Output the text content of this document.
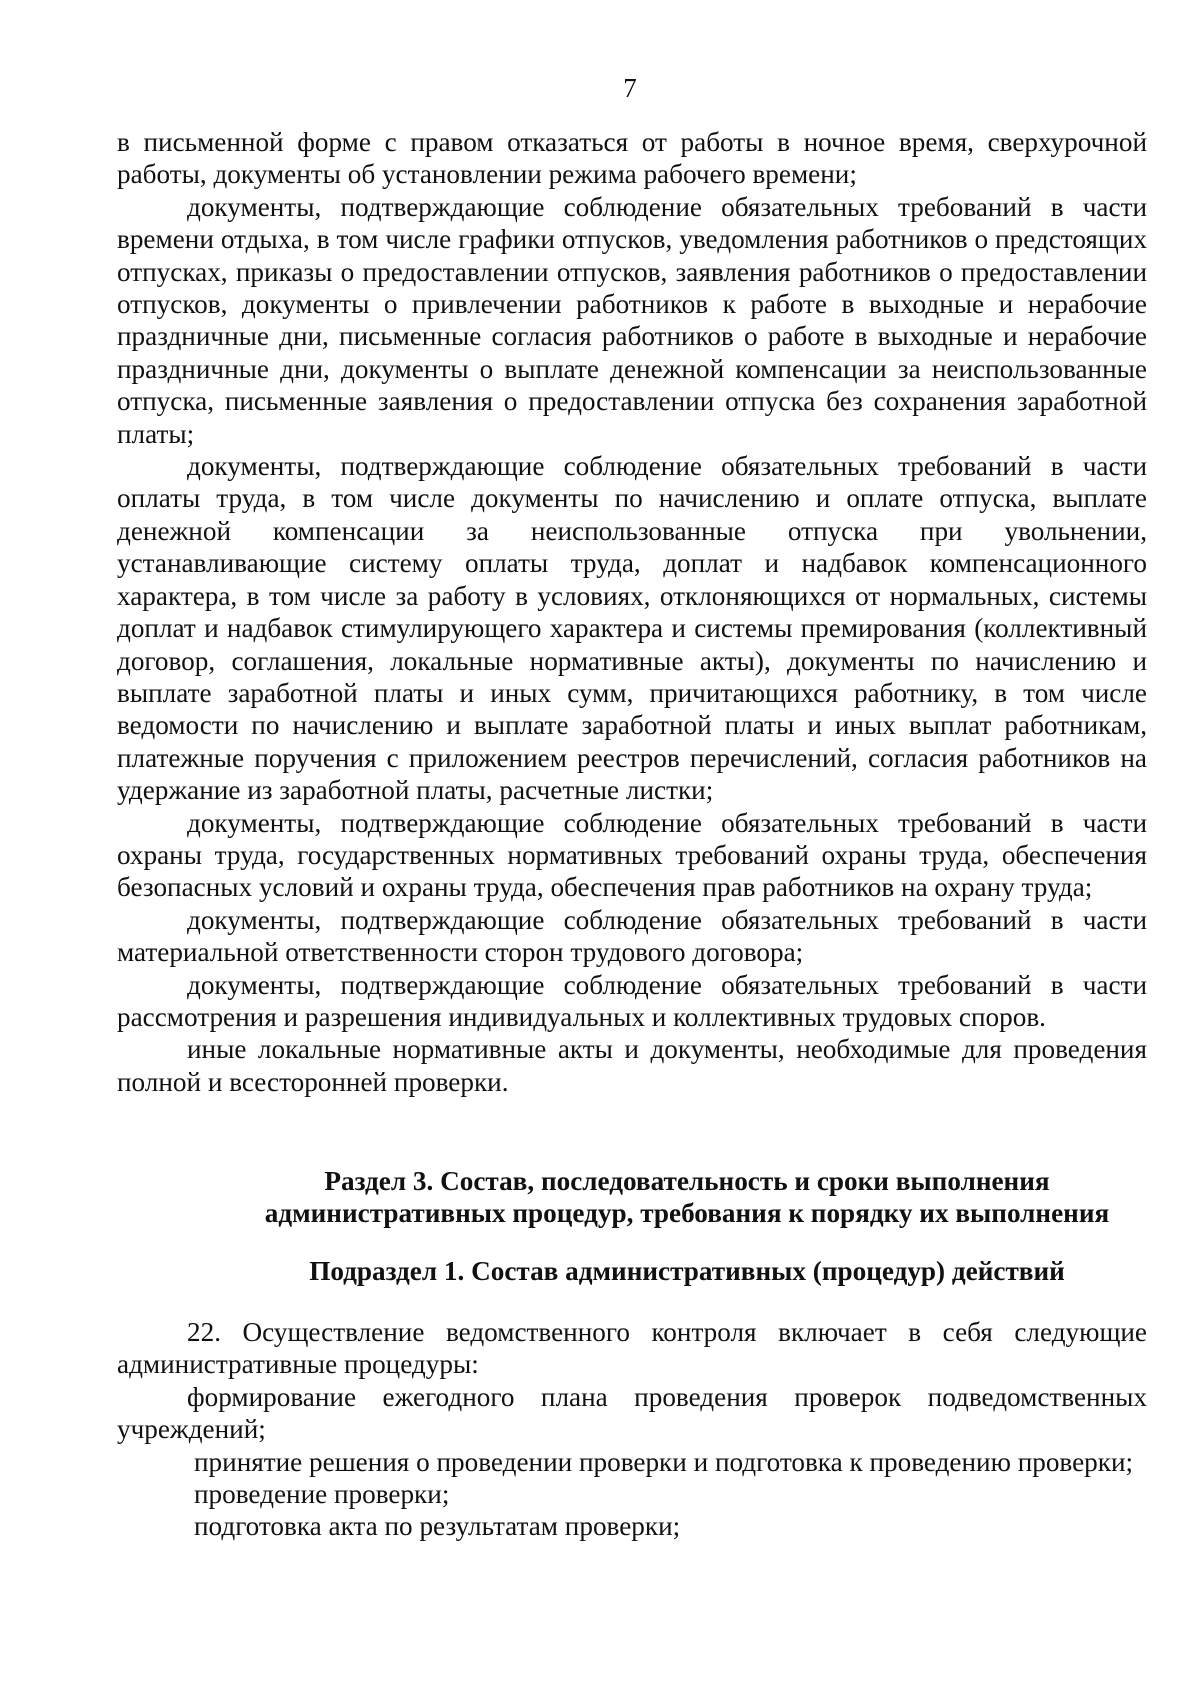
7

в письменной форме с правом отказаться от работы в ночное время, сверхурочной работы, документы об установлении режима рабочего времени;

документы, подтверждающие соблюдение обязательных требований в части времени отдыха, в том числе графики отпусков, уведомления работников о предстоящих отпусках, приказы о предоставлении отпусков, заявления работников о предоставлении отпусков, документы о привлечении работников к работе в выходные и нерабочие праздничные дни, письменные согласия работников о работе в выходные и нерабочие праздничные дни, документы о выплате денежной компенсации за неиспользованные отпуска, письменные заявления о предоставлении отпуска без сохранения заработной платы;

документы, подтверждающие соблюдение обязательных требований в части оплаты труда, в том числе документы по начислению и оплате отпуска, выплате денежной компенсации за неиспользованные отпуска при увольнении, устанавливающие систему оплаты труда, доплат и надбавок компенсационного характера, в том числе за работу в условиях, отклоняющихся от нормальных, системы доплат и надбавок стимулирующего характера и системы премирования (коллективный договор, соглашения, локальные нормативные акты), документы по начислению и выплате заработной платы и иных сумм, причитающихся работнику, в том числе ведомости по начислению и выплате заработной платы и иных выплат работникам, платежные поручения с приложением реестров перечислений, согласия работников на удержание из заработной платы, расчетные листки;

документы, подтверждающие соблюдение обязательных требований в части охраны труда, государственных нормативных требований охраны труда, обеспечения безопасных условий и охраны труда, обеспечения прав работников на охрану труда;

документы, подтверждающие соблюдение обязательных требований в части материальной ответственности сторон трудового договора;

документы, подтверждающие соблюдение обязательных требований в части рассмотрения и разрешения индивидуальных и коллективных трудовых споров.

иные локальные нормативные акты и документы, необходимые для проведения полной и всесторонней проверки.

Раздел 3. Состав, последовательность и сроки выполнения
административных процедур, требования к порядку их выполнения
Подраздел 1. Состав административных (процедур) действий

22. Осуществление ведомственного контроля включает в себя следующие административные процедуры:

формирование ежегодного плана проведения проверок подведомственных учреждений;

принятие решения о проведении проверки и подготовка к проведению проверки;

проведение проверки;

подготовка акта по результатам проверки;
